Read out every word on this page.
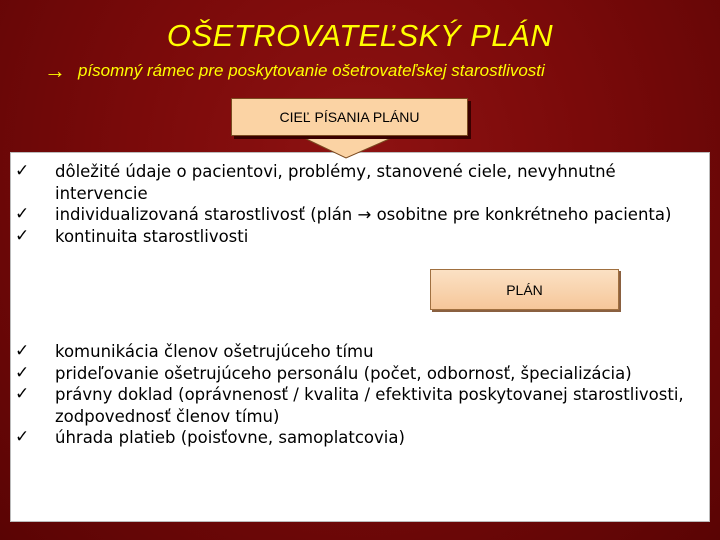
OŠETROVATEĽSKÝ PLÁN
→ písomný rámec pre poskytovanie ošetrovateľskej starostlivosti
✓ dôležité údaje o pacientovi, problémy, stanovené ciele, nevyhnutné intervencie
✓ individualizovaná starostlivosť (plán → osobitne pre konkrétneho pacienta)
✓ kontinuita starostlivosti
PLÁN
✓ komunikácia členov ošetrujúceho tímu
✓ prideľovanie ošetrujúceho personálu (počet, odbornosť, špecializácia)
✓ právny doklad (oprávnenosť / kvalita / efektivita poskytovanej starostlivosti, zodpovednosť členov tímu)
✓ úhrada platieb (poisťovne, samoplatcovia)
CIEĽ PÍSANIA PLÁNU
